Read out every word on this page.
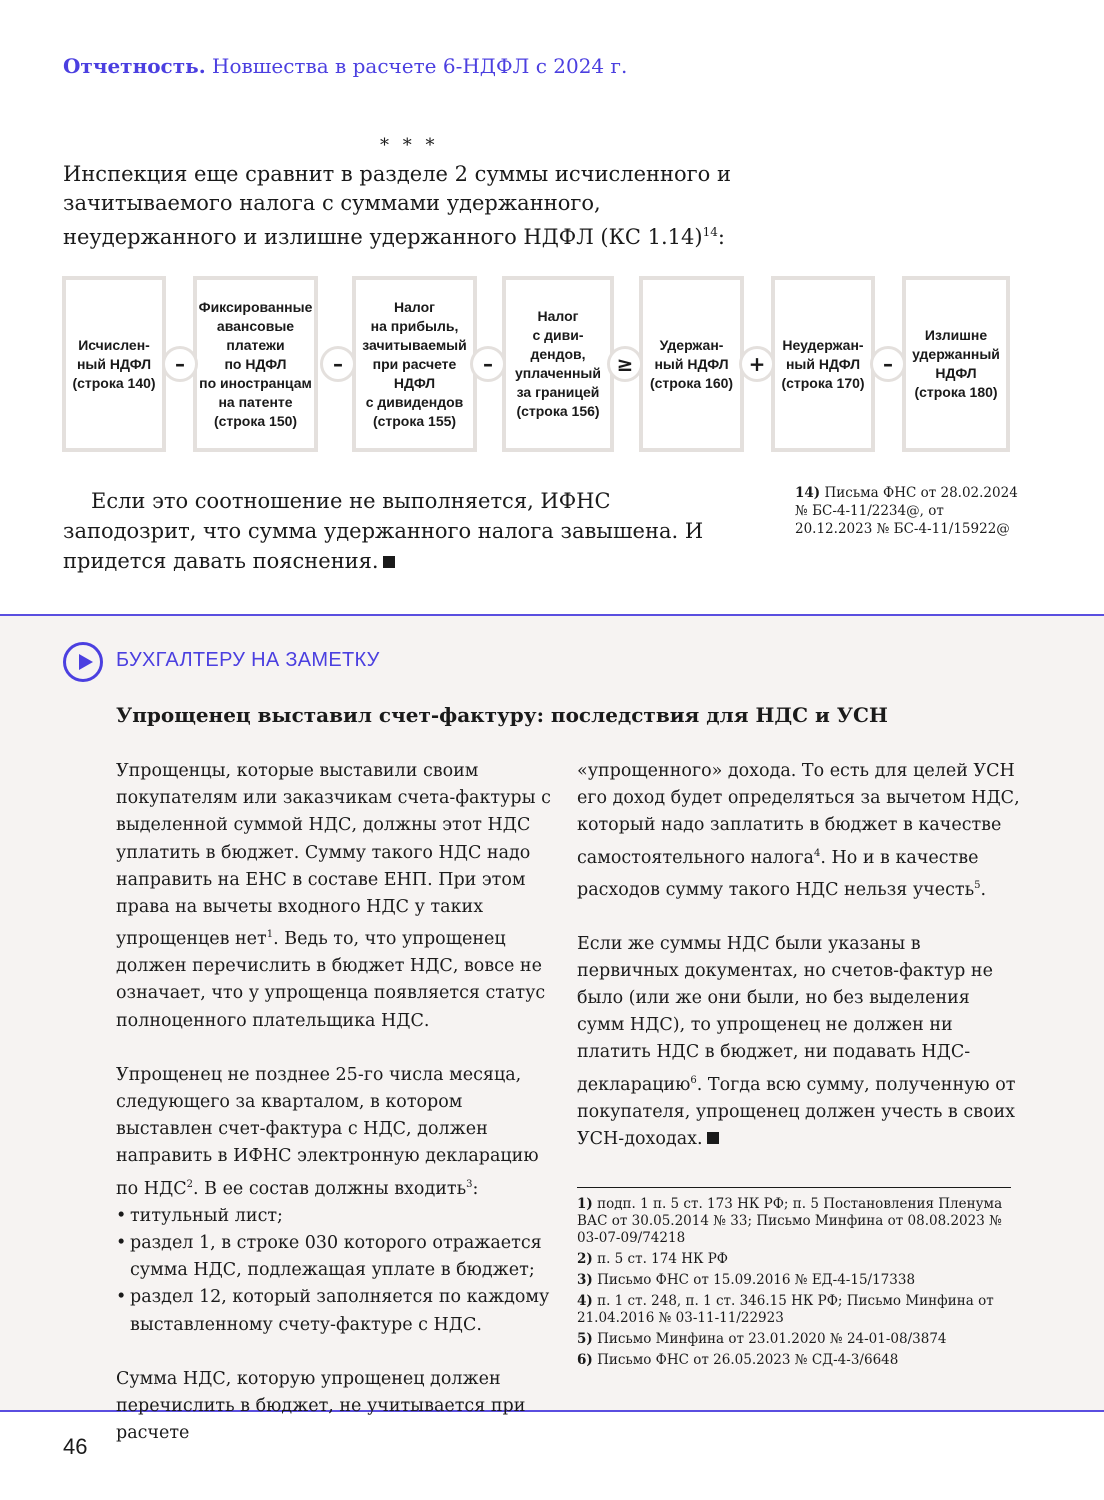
Отчетность. Новшества в расчете 6-НДФЛ с 2024 г.
* * *
Инспекция еще сравнит в разделе 2 суммы исчисленного и зачитываемого налога с суммами удержанного, неудержанного и излишне удержанного НДФЛ (КС 1.14)$^{14}$:
Исчислен-
ный НДФЛ
(строка 140)
Фиксированные
авансовые
платежи
по НДФЛ
по иностранцам
на патенте
(строка 150)
Налог
на прибыль,
зачитываемый
при расчете
НДФЛ
с дивидендов
(строка 155)
Налог
с диви-
дендов,
уплаченный
за границей
(строка 156)
Удержан-
ный НДФЛ
(строка 160)
Неудержан-
ный НДФЛ
(строка 170)
Излишне
удержанный
НДФЛ
(строка 180)
–	–	–	≥	+	–
Если это соотношение не выполняется, ИФНС заподозрит, что сумма удержанного налога завышена. И придется давать пояснения.
14) Письма ФНС от 28.02.2024 № БС-4-11/2234@, от 20.12.2023 № БС-4-11/15922@
БУХГАЛТЕРУ НА ЗАМЕТКУ
Упрощенец выставил счет-фактуру: последствия для НДС и УСН

Упрощенцы, которые выставили своим покупателям или заказчикам счета-фактуры с выделенной суммой НДС, должны этот НДС уплатить в бюджет. Сумму такого НДС надо направить на ЕНС в составе ЕНП. При этом права на вычеты входного НДС у таких упрощенцев нет$^1$. Ведь то, что упрощенец должен перечислить в бюджет НДС, вовсе не означает, что у упрощенца появляется статус полноценного плательщика НДС.

Упрощенец не позднее 25-го числа месяца, следующего за кварталом, в котором выставлен счет-фактура с НДС, должен направить в ИФНС электронную декларацию по НДС$^2$. В ее состав должны входить$^3$:

• титульный лист;
• раздел 1, в строке 030 которого отражается сумма НДС, подлежащая уплате в бюджет;
• раздел 12, который заполняется по каждому выставленному счету-фактуре с НДС.

Сумма НДС, которую упрощенец должен перечислить в бюджет, не учитывается при расчете

«упрощенного» дохода. То есть для целей УСН его доход будет определяться за вычетом НДС, который надо заплатить в бюджет в качестве самостоятельного налога$^4$. Но и в качестве расходов сумму такого НДС нельзя учесть$^5$.

Если же суммы НДС были указаны в первичных документах, но счетов-фактур не было (или же они были, но без выделения сумм НДС), то упрощенец не должен ни платить НДС в бюджет, ни подавать НДС-декларацию$^6$. Тогда всю сумму, полученную от покупателя, упрощенец должен учесть в своих УСН-доходах.

1) подп. 1 п. 5 ст. 173 НК РФ; п. 5 Постановления Пленума ВАС от 30.05.2014 № 33; Письмо Минфина от 08.08.2023 № 03-07-09/74218
2) п. 5 ст. 174 НК РФ
3) Письмо ФНС от 15.09.2016 № ЕД-4-15/17338
4) п. 1 ст. 248, п. 1 ст. 346.15 НК РФ; Письмо Минфина от 21.04.2016 № 03-11-11/22923
5) Письмо Минфина от 23.01.2020 № 24-01-08/3874
6) Письмо ФНС от 26.05.2023 № СД-4-3/6648
46
